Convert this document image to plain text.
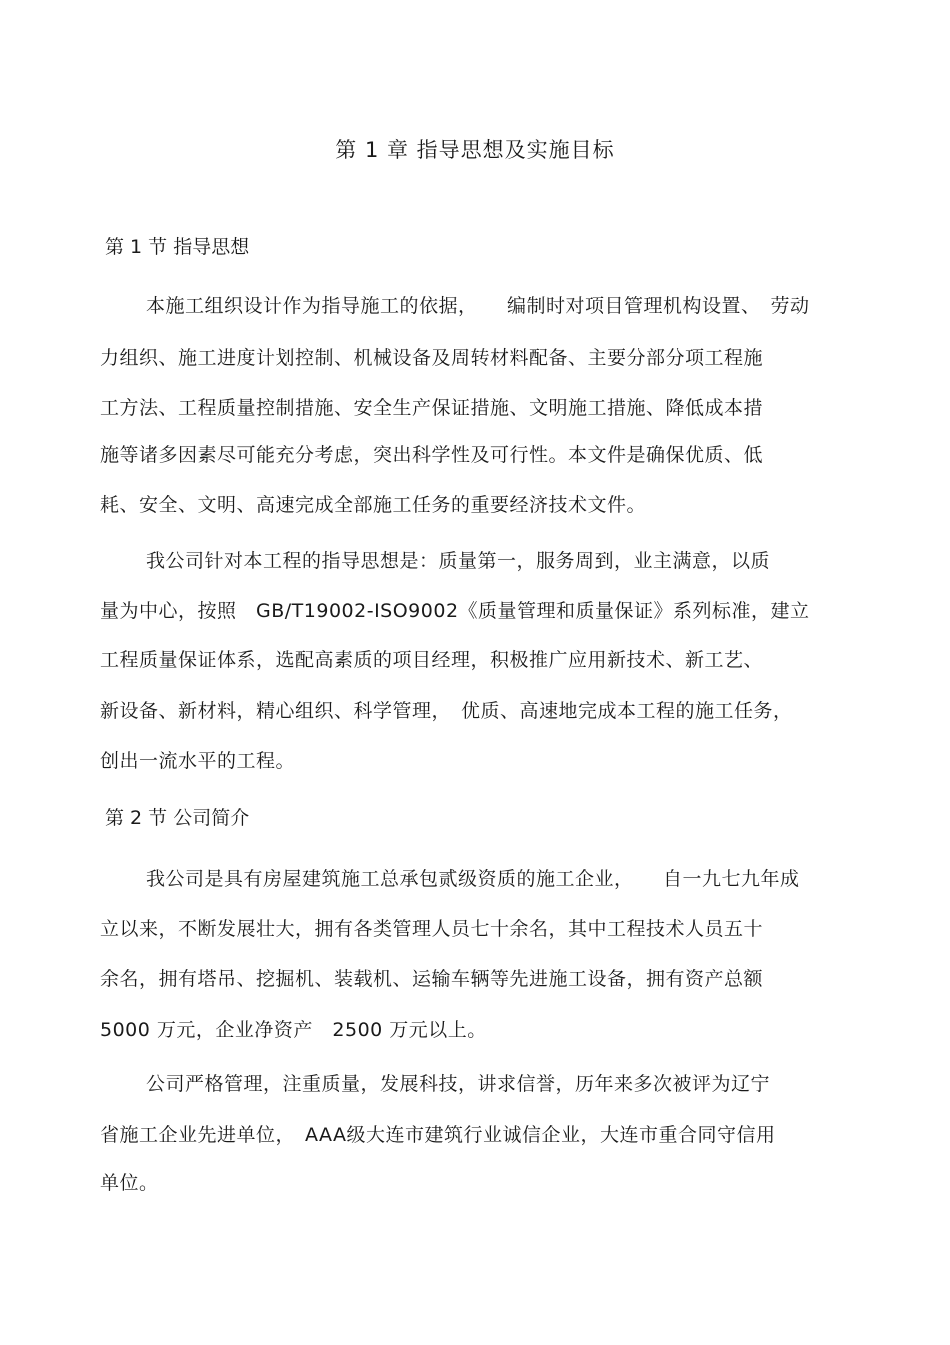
第 1 章 指导思想及实施目标
第 1 节 指导思想
本施工组织设计作为指导施工的依据，　　编制时对项目管理机构设置、　劳动
力组织、施工进度计划控制、机械设备及周转材料配备、主要分部分项工程施
工方法、工程质量控制措施、安全生产保证措施、文明施工措施、降低成本措
施等诸多因素尽可能充分考虑，突出科学性及可行性。本文件是确保优质、低
耗、安全、文明、高速完成全部施工任务的重要经济技术文件。
我公司针对本工程的指导思想是：质量第一，服务周到，业主满意，以质
量为中心，按照　GB/T19002-ISO9002《质量管理和质量保证》系列标准，建立
工程质量保证体系，选配高素质的项目经理，积极推广应用新技术、新工艺、
新设备、新材料，精心组织、科学管理，　优质、高速地完成本工程的施工任务，
创出一流水平的工程。
第 2 节 公司简介
我公司是具有房屋建筑施工总承包贰级资质的施工企业，　　自一九七九年成
立以来，不断发展壮大，拥有各类管理人员七十余名，其中工程技术人员五十
余名，拥有塔吊、挖掘机、装载机、运输车辆等先进施工设备，拥有资产总额
5000 万元，企业净资产　2500 万元以上。
公司严格管理，注重质量，发展科技，讲求信誉，历年来多次被评为辽宁
省施工企业先进单位，　AAA级大连市建筑行业诚信企业，大连市重合同守信用
单位。
